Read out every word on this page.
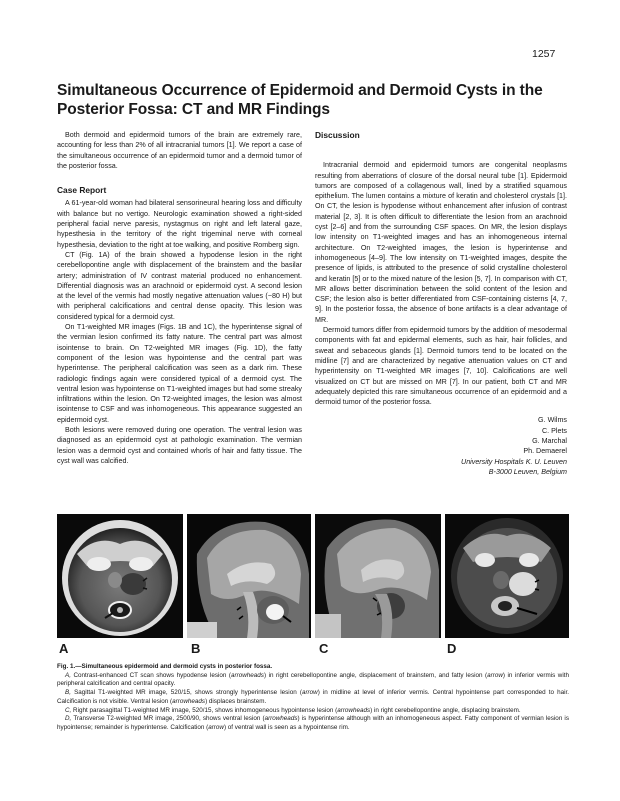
1257
Simultaneous Occurrence of Epidermoid and Dermoid Cysts in the Posterior Fossa: CT and MR Findings

Both dermoid and epidermoid tumors of the brain are extremely rare, accounting for less than 2% of all intracranial tumors [1]. We report a case of the simultaneous occurrence of an epidermoid tumor and a dermoid tumor of the posterior fossa.

Case Report

A 61-year-old woman had bilateral sensorineural hearing loss and difficulty with balance but no vertigo. Neurologic examination showed a right-sided peripheral facial nerve paresis, nystagmus on right and left lateral gaze, hypesthesia in the territory of the right trigeminal nerve with corneal hypesthesia, deviation to the right at toe walking, and positive Romberg sign.

CT (Fig. 1A) of the brain showed a hypodense lesion in the right cerebellopontine angle with displacement of the brainstem and the basilar artery; administration of IV contrast material produced no enhancement. Differential diagnosis was an arachnoid or epidermoid cyst. A second lesion at the level of the vermis had mostly negative attenuation values (−80 H) but with peripheral calcifications and central dense opacity. This lesion was considered typical for a dermoid cyst.

On T1-weighted MR images (Figs. 1B and 1C), the hyperintense signal of the vermian lesion confirmed its fatty nature. The central part was almost isointense to brain. On T2-weighted MR images (Fig. 1D), the fatty component of the lesion was hypointense and the central part was hyperintense. The peripheral calcification was seen as a dark rim. These radiologic findings again were considered typical of a dermoid cyst. The ventral lesion was hypointense on T1-weighted images but had some streaky infiltrations within the lesion. On T2-weighted images, the lesion was almost isointense to CSF and was inhomogeneous. This appearance suggested an epidermoid cyst.

Both lesions were removed during one operation. The ventral lesion was diagnosed as an epidermoid cyst at pathologic examination. The vermian lesion was a dermoid cyst and contained whorls of hair and fatty tissue. The cyst wall was calcified.

Discussion

Intracranial dermoid and epidermoid tumors are congenital neoplasms resulting from aberrations of closure of the dorsal neural tube [1]. Epidermoid tumors are composed of a collagenous wall, lined by a stratified squamous epithelium. The lumen contains a mixture of keratin and cholesterol crystals [1]. On CT, the lesion is hypodense without enhancement after infusion of contrast material [2, 3]. It is often difficult to differentiate the lesion from an arachnoid cyst [2–6] and from the surrounding CSF spaces. On MR, the lesion displays low intensity on T1-weighted images and has an inhomogeneous internal architecture. On T2-weighted images, the lesion is hyperintense and inhomogeneous [4–9]. The low intensity on T1-weighted images, despite the presence of lipids, is attributed to the presence of solid crystalline cholesterol and keratin [5] or to the mixed nature of the lesion [5, 7]. In comparison with CT, MR allows better discrimination between the solid content of the lesion and CSF; the lesion also is better differentiated from CSF-containing cisterns [4, 7, 9]. In the posterior fossa, the absence of bone artifacts is a clear advantage of MR.

Dermoid tumors differ from epidermoid tumors by the addition of mesodermal components with fat and epidermal elements, such as hair, hair follicles, and sweat and sebaceous glands [1]. Dermoid tumors tend to be located on the midline [7] and are characterized by negative attenuation values on CT and hyperintensity on T1-weighted MR images [7, 10]. Calcifications are well visualized on CT but are missed on MR [7]. In our patient, both CT and MR adequately depicted this rare simultaneous occurrence of an epidermoid and a dermoid tumor of the posterior fossa.

G. Wilms
C. Plets
G. Marchal
Ph. Demaerel
University Hospitals K. U. Leuven
B-3000 Leuven, Belgium
A	B	C	D

Fig. 1.—Simultaneous epidermoid and dermoid cysts in posterior fossa.

A, Contrast-enhanced CT scan shows hypodense lesion (arrowheads) in right cerebellopontine angle, displacement of brainstem, and fatty lesion (arrow) in inferior vermis with peripheral calcification and central opacity.

B, Sagittal T1-weighted MR image, 520/15, shows strongly hyperintense lesion (arrow) in midline at level of inferior vermis. Central hypointense part corresponded to hair. Calcification is not visible. Ventral lesion (arrowheads) displaces brainstem.

C, Right parasagittal T1-weighted MR image, 520/15, shows inhomogeneous hypointense lesion (arrowheads) in right cerebellopontine angle, displacing brainstem.

D, Transverse T2-weighted MR image, 2500/90, shows ventral lesion (arrowheads) is hyperintense although with an inhomogeneous aspect. Fatty component of vermian lesion is hypointense; remainder is hyperintense. Calcification (arrow) of ventral wall is seen as a hypointense rim.
